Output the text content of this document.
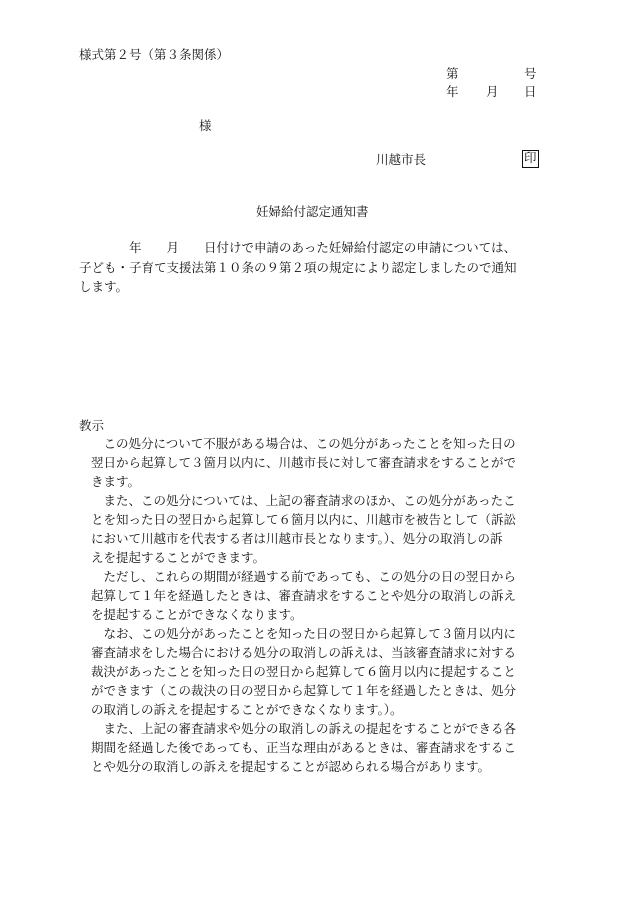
様式第２号（第３条関係）
第	号
年 月 日
様
川越市長	印
妊婦給付認定通知書
　　　　年　　月　　日付けで申請のあった妊婦給付認定の申請については、
子ども・子育て支援法第１０条の９第２項の規定により認定しましたので通知
します。
教示
　この処分について不服がある場合は、この処分があったことを知った日の
翌日から起算して３箇月以内に、川越市長に対して審査請求をすることがで
きます。
　また、この処分については、上記の審査請求のほか、この処分があったこ
とを知った日の翌日から起算して６箇月以内に、川越市を被告として（訴訟
において川越市を代表する者は川越市長となります。）、処分の取消しの訴
えを提起することができます。
　ただし、これらの期間が経過する前であっても、この処分の日の翌日から
起算して１年を経過したときは、審査請求をすることや処分の取消しの訴え
を提起することができなくなります。
　なお、この処分があったことを知った日の翌日から起算して３箇月以内に
審査請求をした場合における処分の取消しの訴えは、当該審査請求に対する
裁決があったことを知った日の翌日から起算して６箇月以内に提起すること
ができます（この裁決の日の翌日から起算して１年を経過したときは、処分
の取消しの訴えを提起することができなくなります。）。
　また、上記の審査請求や処分の取消しの訴えの提起をすることができる各
期間を経過した後であっても、正当な理由があるときは、審査請求をするこ
とや処分の取消しの訴えを提起することが認められる場合があります。
